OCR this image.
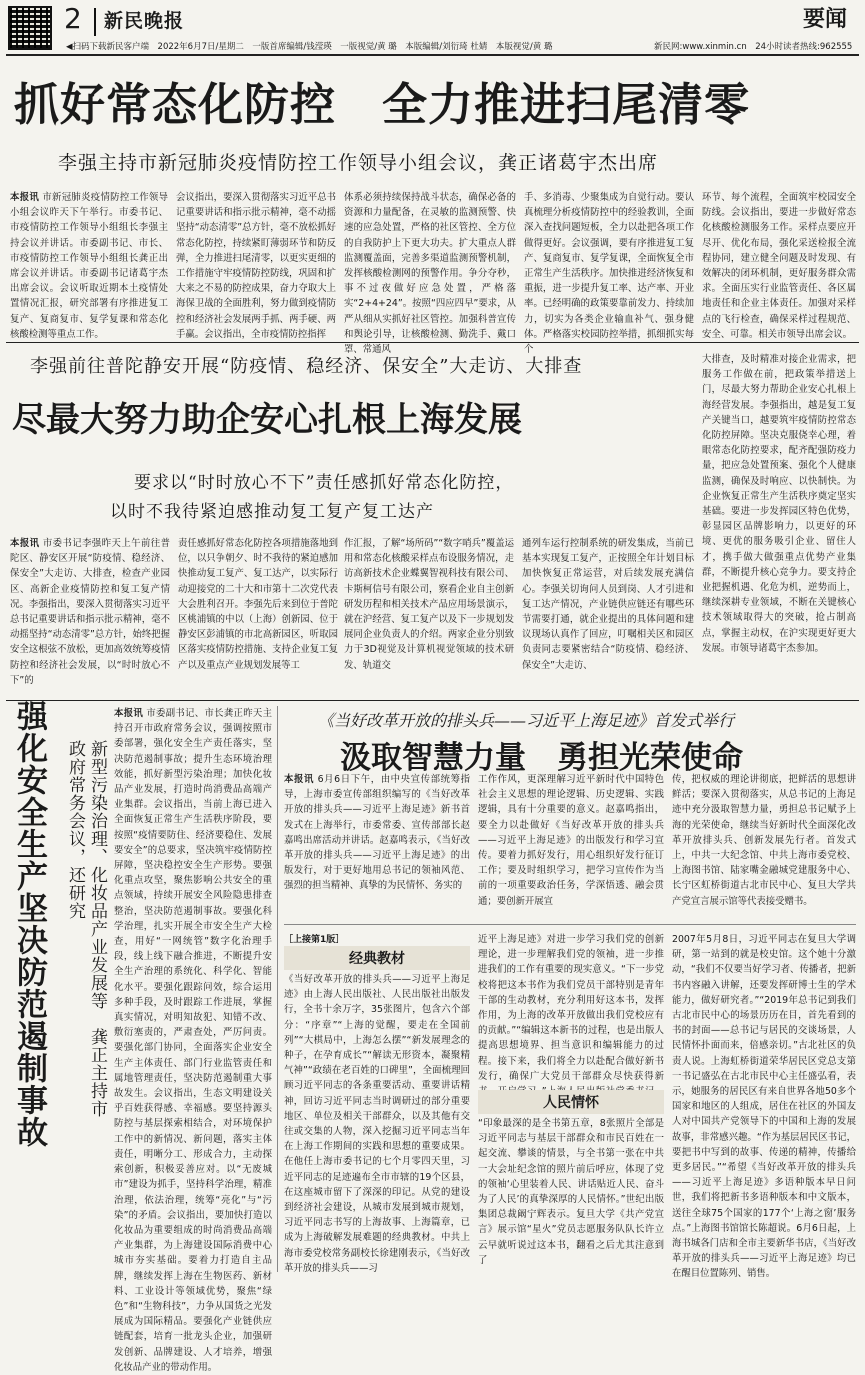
2 新民晚报	要闻
◀扫码下载新民客户端　2022年6月7日/星期二　一版首席编辑/钱滢瑛　一版视觉/黄 璐　本版编辑/刘衍琦 杜婧　本版视觉/黄 璐	新民网:www.xinmin.cn　24小时读者热线:962555
抓好常态化防控　全力推进扫尾清零
李强主持市新冠肺炎疫情防控工作领导小组会议，龚正诸葛宇杰出席
本报讯 市新冠肺炎疫情防控工作领导小组会议昨天下午举行。市委书记、市疫情防控工作领导小组组长李强主持会议并讲话。市委副书记、市长、市疫情防控工作领导小组组长龚正出席会议并讲话。市委副书记诸葛宇杰出席会议。会议听取近期本土疫情处置情况汇报，研究部署有序推进复工复产、复商复市、复学复课和常态化核酸检测等重点工作。
会议指出，要深入贯彻落实习近平总书记重要讲话和指示批示精神，毫不动摇坚持“动态清零”总方针，毫不放松抓好常态化防控，持续紧盯薄弱环节和防反弹，全力推进扫尾清零，以更实更细的工作措施守牢疫情防控防线，巩固和扩大来之不易的防控成果，奋力夺取大上海保卫战的全面胜利，努力做到疫情防控和经济社会发展两手抓、两手硬、两手赢。会议指出，全市疫情防控指挥
体系必须持续保持战斗状态，确保必备的资源和力量配备，在灵敏的监测预警、快速的应急处置，严格的社区管控、全方位的自我防护上下更大功夫。扩大重点人群监测覆盖面，完善多渠道监测预警机制，发挥核酸检测网的预警作用。争分夺秒，事不过夜做好应急处置，严格落实“2+4+24”。按照“四应四早”要求，从严从细从实抓好社区管控。加强科普宣传和舆论引导，让核酸检测、勤洗手、戴口罩、常通风
手、多消毒、少聚集成为自觉行动。要认真梳理分析疫情防控中的经验教训，全面深入查找问题短板，全力以赴把各项工作做得更好。会议强调，要有序推进复工复产、复商复市、复学复课，全面恢复全市正常生产生活秩序。加快推进经济恢复和重振，进一步提升复工率、达产率、开业率。已经明确的政策要靠前发力、持续加力，切实为各类企业输血补气、强身健体。严格落实校园防控举措，抓细抓实每个
环节、每个流程，全面筑牢校园安全防线。会议指出，要进一步做好常态化核酸检测服务工作。采样点要应开尽开、优化布局，强化采送检报全流程协同，建立健全问题及时发现、有效解决的闭环机制，更好服务群众需求。全面压实行业监管责任、各区属地责任和企业主体责任。加强对采样点的飞行检查，确保采样过程规范、安全、可靠。相关市领导出席会议。
李强前往普陀静安开展“防疫情、稳经济、保安全”大走访、大排查
尽最大努力助企安心扎根上海发展
要求以“时时放心不下”责任感抓好常态化防控，
以时不我待紧迫感推动复工复产复工达产
大排查，及时精准对接企业需求，把服务工作做在前，把政策举措送上门，尽最大努力帮助企业安心扎根上海经营发展。李强指出，越是复工复产关键当口，越要筑牢疫情防控常态化防控屏障。坚决克服侥幸心理，着眼常态化防控要求，配齐配强防疫力量，把应急处置预案、强化个人健康监测，确保及时响应、以快制快。为企业恢复正常生产生活秩序奠定坚实基础。要进一步发挥园区特色优势，彰显园区品牌影响力，以更好的环境、更优的服务吸引企业、留住人才，携手做大做强重点优势产业集群，不断提升核心竞争力。要支持企业把握机遇、化危为机，逆势而上，继续深耕专业领域，不断在关键核心技术领域取得大的突破，抢占制高点，掌握主动权，在沪实现更好更大发展。市领导诸葛宇杰参加。
本报讯 市委书记李强昨天上午前往普陀区、静安区开展“防疫情、稳经济、保安全”大走访、大排查，检查产业园区、高新企业疫情防控和复工复产情况。李强指出，要深入贯彻落实习近平总书记重要讲话和指示批示精神，毫不动摇坚持“动态清零”总方针，始终把握安全这根弦不放松，更加高效统筹疫情防控和经济社会发展，以“时时放心不下”的
责任感抓好常态化防控各项措施落地到位，以只争朝夕、时不我待的紧迫感加快推动复工复产、复工达产，以实际行动迎接党的二十大和市第十二次党代表大会胜利召开。李强先后来到位于普陀区桃浦镇的中以（上海）创新园、位于静安区彭浦镇的市北高新园区，听取园区落实疫情防控措施、支持企业复工复产以及重点产业规划发展等工
作汇报，了解“场所码”“数字哨兵”覆盖运用和常态化核酸采样点布设服务情况，走访高新技术企业蝶翼智视科技有限公司、卡斯柯信号有限公司，察看企业自主创新研发历程和相关技术产品应用场景演示，就在沪经营、复工复产以及下一步规划发展同企业负责人的介绍。两家企业分别致力于3D视觉及计算机视觉领域的技术研发、轨道交
通列车运行控制系统的研发集成，当前已基本实现复工复产，正按照全年计划目标加快恢复正常运营，对后续发展充满信心。李强关切询问人员到岗、人才引进和复工达产情况，产业链供应链还有哪些环节需要打通，就企业提出的具体问题和建议现场认真作了回应，叮嘱相关区和园区负责同志要紧密结合“防疫情、稳经济、保安全”大走访、
强化安全生产坚决防范遏制事故	新型污染治理、化妆品产业发展等　龚正主持市政府常务会议，还研究
本报讯 市委副书记、市长龚正昨天主持召开市政府常务会议，强调按照市委部署，强化安全生产责任落实，坚决防范遏制事故；提升生态环境治理效能，抓好新型污染治理；加快化妆品产业发展，打造时尚消费品高端产业集群。会议指出，当前上海已进入全面恢复正常生产生活秩序阶段，要按照“疫情要防住、经济要稳住、发展要安全”的总要求，坚决筑牢疫情防控屏障，坚决稳控安全生产形势。要强化重点攻坚，聚焦影响公共安全的重点领域，持续开展安全风险隐患排查整治，坚决防范遏制事故。要强化科学治理，扎实开展全市安全生产大检查，用好“一网统管”数字化治理手段，线上线下融合推进，不断提升安全生产治理的系统化、科学化、智能化水平。要强化跟踪问效，综合运用多种手段，及时跟踪工作进展，掌握真实情况，对明知故犯、知错不改、敷衍塞责的，严肃查处，严厉问责。要强化部门协同，全面落实企业安全生产主体责任、部门行业监管责任和属地管理责任，坚决防范遏制重大事故发生。会议指出，生态文明建设关乎百姓获得感、幸福感。要坚持源头防控与基层探索相结合，对环境保护工作中的新情况、新问题，落实主体责任，明晰分工、形成合力，主动探索创新，积极妥善应对。以“无废城市”建设为抓手，坚持科学治理，精准治理，依法治理，统筹“亮化”与“污染”的矛盾。会议指出，要加快打造以化妆品为重要组成的时尚消费品高端产业集群，为上海建设国际消费中心城市夯实基础。要着力打造自主品牌，继续发挥上海在生物医药、新材料、工业设计等领域优势，聚焦“绿色”和“生物科技”，力争从国货之光发展成为国际精品。要强化产业链供应链配套，培育一批龙头企业，加强研发创新、品牌建设、人才培养，增强化妆品产业的带动作用。
《当好改革开放的排头兵——习近平上海足迹》首发式举行
汲取智慧力量　勇担光荣使命
本报讯 6月6日下午，由中央宣传部统筹指导，上海市委宣传部组织编写的《当好改革开放的排头兵——习近平上海足迹》新书首发式在上海举行，市委常委、宣传部部长赵嘉鸣出席活动并讲话。赵嘉鸣表示，《当好改革开放的排头兵——习近平上海足迹》的出版发行，对于更好地用总书记的领袖风范、强烈的担当精神、真挚的为民情怀、务实的
工作作风，更深理解习近平新时代中国特色社会主义思想的理论逻辑、历史逻辑、实践逻辑，具有十分重要的意义。赵嘉鸣指出，要全力以赴做好《当好改革开放的排头兵——习近平上海足迹》的出版发行和学习宣传。要着力抓好发行，用心组织好发行征订工作；要及时组织学习，把学习宣传作为当前的一项重要政治任务，学深悟透、融会贯通；要创新开展宣
传，把权威的理论讲彻底，把鲜活的思想讲鲜活；要深入贯彻落实，从总书记的上海足迹中充分汲取智慧力量，勇担总书记赋予上海的光荣使命，继续当好新时代全面深化改革开放排头兵、创新发展先行者。首发式上，中共一大纪念馆、中共上海市委党校、上海图书馆、陆家嘴金融城党建服务中心、长宁区虹桥街道古北市民中心、复旦大学共产党宣言展示馆等代表接受赠书。
［上接第1版］
经典教材
《当好改革开放的排头兵——习近平上海足迹》由上海人民出版社、人民出版社出版发行，全书十余万字，35张图片，包含六个部分：“序章”“上海的觉醒，要走在全国前列”“大棋局中，上海怎么摆”“新发展理念的种子，在孕育成长”“解读无形资本，凝聚精气神”“政绩在老百姓的口碑里”，全面梳理回顾习近平同志的各条重要活动、重要讲话精神，回访习近平同志当时调研过的部分重要地区、单位及相关干部群众，以及其他有交往或交集的人物，深入挖掘习近平同志当年在上海工作期间的实践和思想的重要成果。在他任上海市委书记的七个月零四天里，习近平同志的足迹遍布全市市辖的19个区县，在这座城市留下了深深的印记。从党的建设到经济社会建设，从城市发展到城市规划，习近平同志书写的上海故事、上海篇章，已成为上海破解发展难题的经典教材。中共上海市委党校常务副校长徐建刚表示，《当好改革开放的排头兵——习
近平上海足迹》对进一步学习我们党的创新理论，进一步理解我们党的领袖，进一步推进我们的工作有重要的现实意义。“下一步党校将把这本书作为我们党员干部特别是青年干部的生动教材，充分利用好这本书，发挥作用，为上海的改革开放做出我们党校应有的贡献。”“编辑这本新书的过程，也是出版人提高思想境界、担当意识和编辑能力的过程。接下来，我们将全力以赴配合做好新书发行，确保广大党员干部群众尽快获得新
人民情怀
“印象最深的是全书第五章，8张照片全部是习近平同志与基层干部群众和市民百姓在一起交流、攀谈的情景，与全书第一张在中共一大会址纪念馆的照片前后呼应，体现了党的领袖‘心里装着人民、讲话贴近人民、奋斗为了人民’的真挚深厚的人民情怀。”世纪出版集团总裁阚宁辉表示。复旦大学《共产党宣言》展示馆“星火”党员志愿服务队队长许立云早就听说过这本书，翻看之后尤其注意到了
2007年5月8日，习近平同志在复旦大学调研，第一站到的就是校史馆。这个她十分激动，“我们不仅要当好学习者、传播者，把新书内容融入讲解，还要发挥研博士生的学术能力，做好研究者。”“2019年总书记到我们古北市民中心的场景历历在目，首先看到的书的封面——总书记与居民的交谈场景，人民情怀扑面而来，倍感亲切。”古北社区的负责人说。上海虹桥街道荣华居民区党总支第一书记盛弘在古北市民中心主任盛弘看，表示，她服务的居民区有来自世界各地50多个国家和地区的人组成，居住在社区的外国友人对中国共产党领导下的中国和上海的发展故事，非常感兴趣。“作为基层居民区书记，要把书中写到的故事、传递的精神，传播给更多居民。”“希望《当好改革开放的排头兵——习近平上海足迹》多语种版本早日问世，我们将把新书多语种版本和中文版本，送往全球75个国家的177个‘上海之窗’服务点。”上海图书馆馆长陈超说。6月6日起，上海书城各门店和全市主要新华书店，《当好改革开放的排头兵——习近平上海足迹》均已在醒目位置陈列、销售。
